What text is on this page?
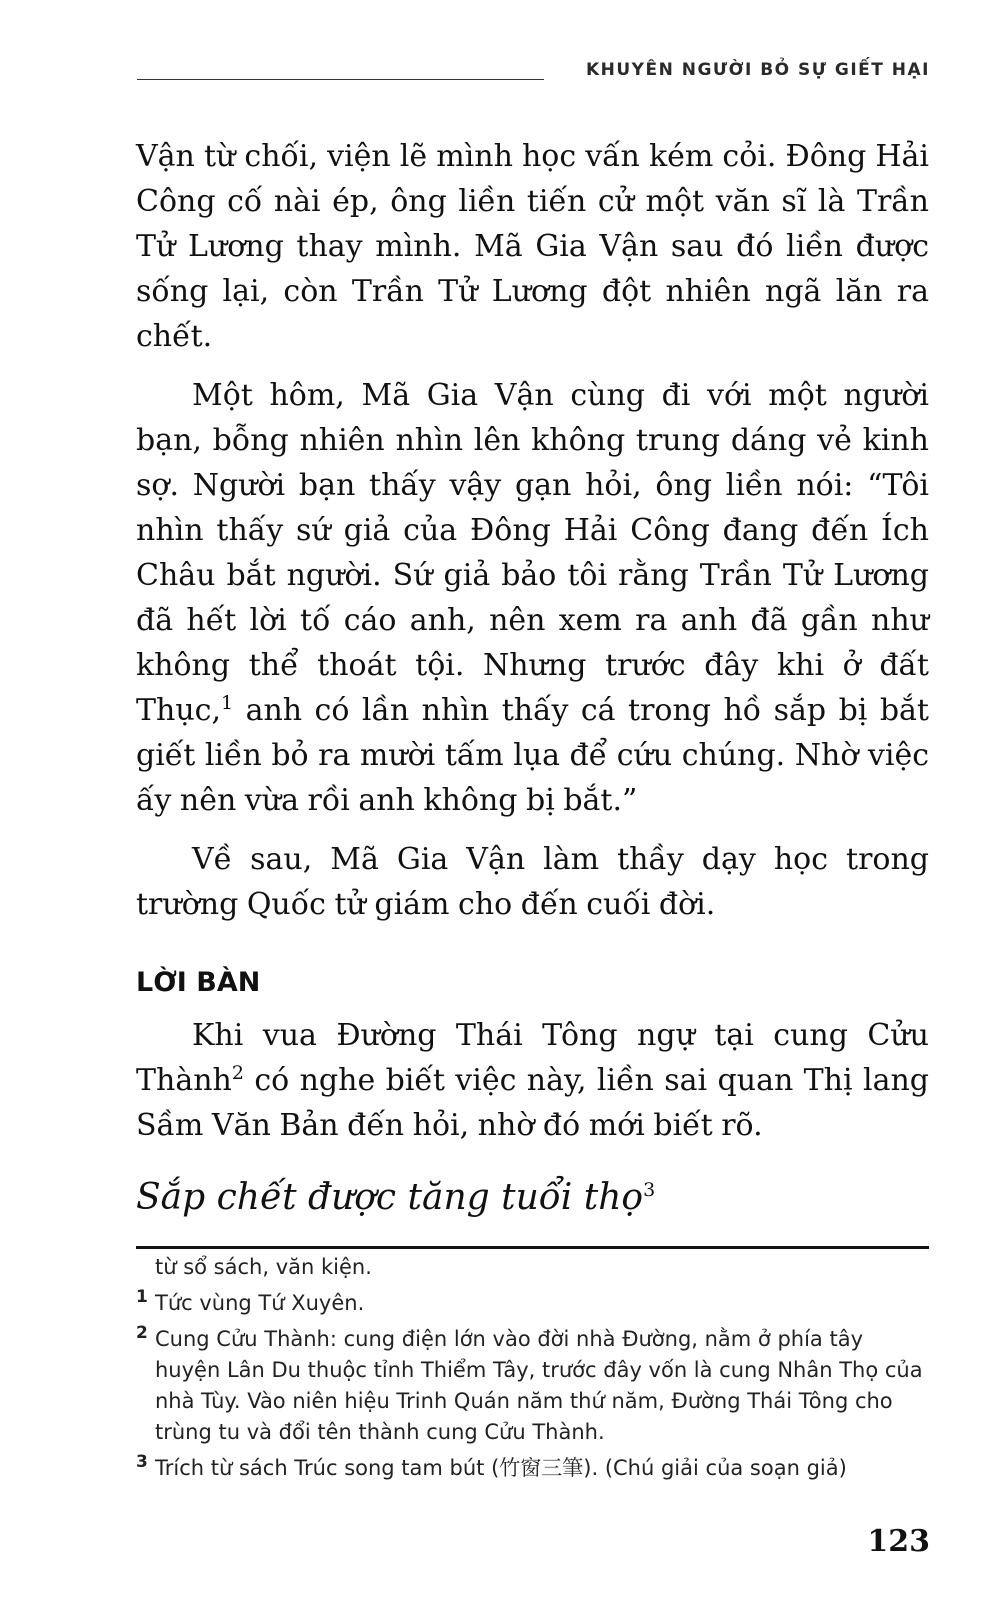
KHUYÊN NGƯỜI BỎ SỰ GIẾT HẠI

Vận từ chối, viện lẽ mình học vấn kém cỏi. Đông Hải Công cố nài ép, ông liền tiến cử một văn sĩ là Trần Tử Lương thay mình. Mã Gia Vận sau đó liền được sống lại, còn Trần Tử Lương đột nhiên ngã lăn ra chết.

Một hôm, Mã Gia Vận cùng đi với một người bạn, bỗng nhiên nhìn lên không trung dáng vẻ kinh sợ. Người bạn thấy vậy gạn hỏi, ông liền nói: “Tôi nhìn thấy sứ giả của Đông Hải Công đang đến Ích Châu bắt người. Sứ giả bảo tôi rằng Trần Tử Lương đã hết lời tố cáo anh, nên xem ra anh đã gần như không thể thoát tội. Nhưng trước đây khi ở đất Thục,$^1$ anh có lần nhìn thấy cá trong hồ sắp bị bắt giết liền bỏ ra mười tấm lụa để cứu chúng. Nhờ việc ấy nên vừa rồi anh không bị bắt.”

Về sau, Mã Gia Vận làm thầy dạy học trong trường Quốc tử giám cho đến cuối đời.

LỜI BÀN

Khi vua Đường Thái Tông ngự tại cung Cửu Thành$^2$ có nghe biết việc này, liền sai quan Thị lang Sầm Văn Bản đến hỏi, nhờ đó mới biết rõ.

Sắp chết được tăng tuổi thọ$^3$
từ sổ sách, văn kiện.
1 Tức vùng Tứ Xuyên.
2 Cung Cửu Thành: cung điện lớn vào đời nhà Đường, nằm ở phía tây huyện Lân Du thuộc tỉnh Thiểm Tây, trước đây vốn là cung Nhân Thọ của nhà Tùy. Vào niên hiệu Trinh Quán năm thứ năm, Đường Thái Tông cho trùng tu và đổi tên thành cung Cửu Thành.
3 Trích từ sách Trúc song tam bút (竹窗三筆). (Chú giải của soạn giả)
123
